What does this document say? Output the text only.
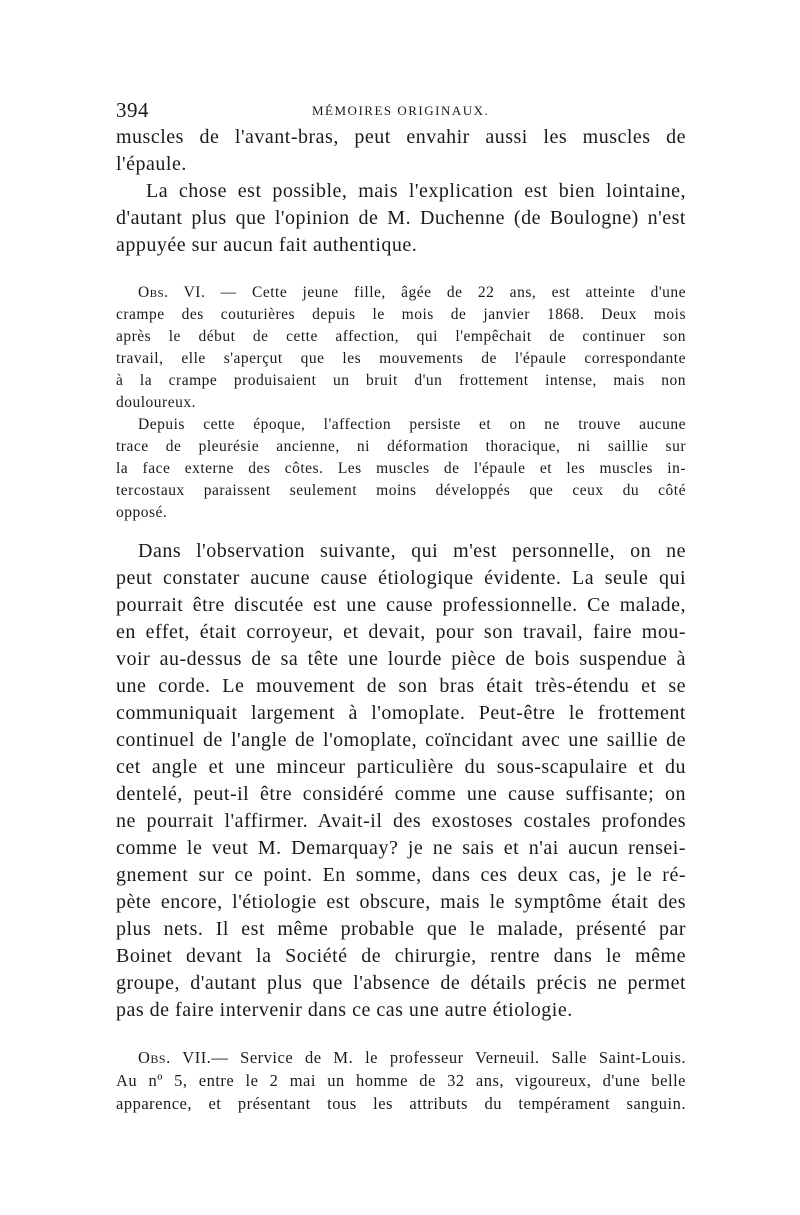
394	MÉMOIRES ORIGINAUX.
muscles de l'avant-bras, peut envahir aussi les muscles de
l'épaule.
La chose est possible, mais l'explication est bien lointaine,
d'autant plus que l'opinion de M. Duchenne (de Boulogne) n'est
appuyée sur aucun fait authentique.
Obs. VI. — Cette jeune fille, âgée de 22 ans, est atteinte d'une
crampe des couturières depuis le mois de janvier 1868. Deux mois
après le début de cette affection, qui l'empêchait de continuer son
travail, elle s'aperçut que les mouvements de l'épaule correspondante
à la crampe produisaient un bruit d'un frottement intense, mais non
douloureux.
Depuis cette époque, l'affection persiste et on ne trouve aucune
trace de pleurésie ancienne, ni déformation thoracique, ni saillie sur
la face externe des côtes. Les muscles de l'épaule et les muscles in-
tercostaux paraissent seulement moins développés que ceux du côté
opposé.
Dans l'observation suivante, qui m'est personnelle, on ne
peut constater aucune cause étiologique évidente. La seule qui
pourrait être discutée est une cause professionnelle. Ce malade,
en effet, était corroyeur, et devait, pour son travail, faire mou-
voir au-dessus de sa tête une lourde pièce de bois suspendue à
une corde. Le mouvement de son bras était très-étendu et se
communiquait largement à l'omoplate. Peut-être le frottement
continuel de l'angle de l'omoplate, coïncidant avec une saillie de
cet angle et une minceur particulière du sous-scapulaire et du
dentelé, peut-il être considéré comme une cause suffisante; on
ne pourrait l'affirmer. Avait-il des exostoses costales profondes
comme le veut M. Demarquay? je ne sais et n'ai aucun rensei-
gnement sur ce point. En somme, dans ces deux cas, je le ré-
pète encore, l'étiologie est obscure, mais le symptôme était des
plus nets. Il est même probable que le malade, présenté par
Boinet devant la Société de chirurgie, rentre dans le même
groupe, d'autant plus que l'absence de détails précis ne permet
pas de faire intervenir dans ce cas une autre étiologie.
Obs. VII.— Service de M. le professeur Verneuil. Salle Saint-Louis.
Au nº 5, entre le 2 mai un homme de 32 ans, vigoureux, d'une belle
apparence, et présentant tous les attributs du tempérament sanguin.
